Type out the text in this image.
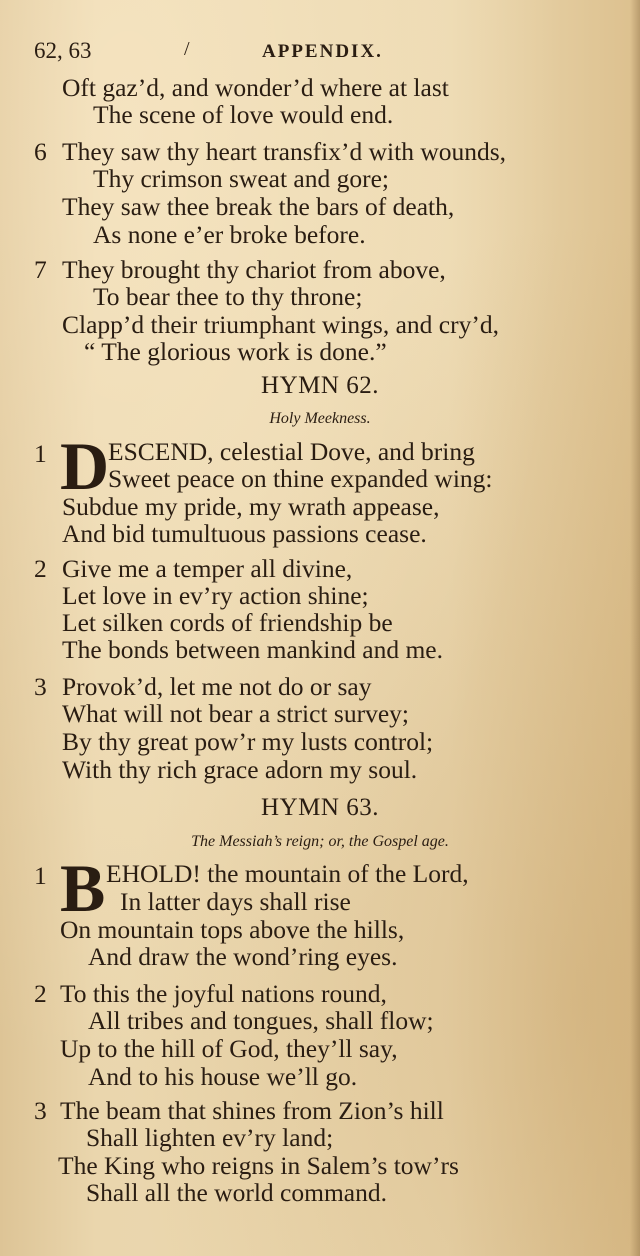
62, 63	/	APPENDIX.
Oft gaz’d, and wonder’d where at last
The scene of love would end.
6 They saw thy heart transfix’d with wounds,
Thy crimson sweat and gore;
They saw thee break the bars of death,
As none e’er broke before.
7 They brought thy chariot from above,
To bear thee to thy throne;
Clapp’d their triumphant wings, and cry’d,
“ The glorious work is done.”
HYMN 62.
Holy Meekness.
1 D
ESCEND, celestial Dove, and bring
Sweet peace on thine expanded wing:
Subdue my pride, my wrath appease,
And bid tumultuous passions cease.
2 Give me a temper all divine,
Let love in ev’ry action shine;
Let silken cords of friendship be
The bonds between mankind and me.
3 Provok’d, let me not do or say
What will not bear a strict survey;
By thy great pow’r my lusts control;
With thy rich grace adorn my soul.
HYMN 63.
The Messiah’s reign; or, the Gospel age.
1 B EHOLD! the mountain of the Lord,
In latter days shall rise
On mountain tops above the hills,
And draw the wond’ring eyes.
2 To this the joyful nations round,
All tribes and tongues, shall flow;
Up to the hill of God, they’ll say,
And to his house we’ll go.
3 The beam that shines from Zion’s hill
Shall lighten ev’ry land;
The King who reigns in Salem’s tow’rs
Shall all the world command.
